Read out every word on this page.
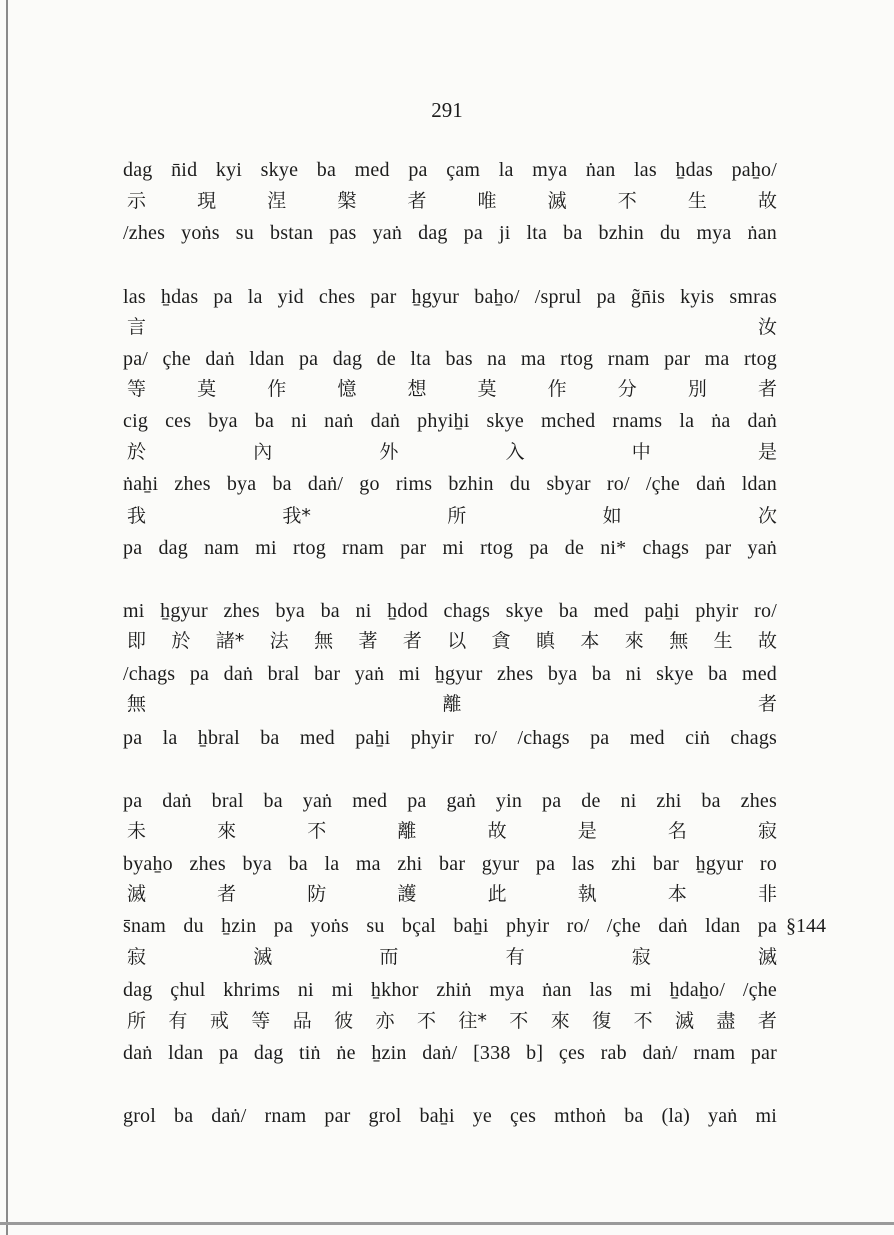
291
dag n̄id kyi skye ba med pa çam la mya ṅan las ẖdas paẖo/
示	現	涅	槃	者	唯	滅	不	生	故
/zhes yoṅs su bstan pas yaṅ dag pa ji lta ba bzhin du mya ṅan
las ẖdas pa la yid ches par ẖgyur baẖo/ /sprul pa g̃n̄is kyis smras
言	汝
pa/ çhe daṅ ldan pa dag de lta bas na ma rtog rnam par ma rtog
等	莫	作	憶	想	莫	作	分	別	者
cig ces bya ba ni naṅ daṅ phyiẖi skye mched rnams la ṅa daṅ
於	內	外	入	中	是
ṅaẖi zhes bya ba daṅ/ go rims bzhin du sbyar ro/ /çhe daṅ ldan
我	我*	所	如	次
pa dag nam mi rtog rnam par mi rtog pa de ni* chags par yaṅ
mi ẖgyur zhes bya ba ni ẖdod chags skye ba med paẖi phyir ro/
即 於 諸* 法 無 著 者 以 貪 瞋 本 來 無 生 故
/chags pa daṅ bral bar yaṅ mi ẖgyur zhes bya ba ni skye ba med
無	離	者
pa la ẖbral ba med paẖi phyir ro/ /chags pa med ciṅ chags
pa daṅ bral ba yaṅ med pa gaṅ yin pa de ni zhi ba zhes
未	來	不	離	故	是	名	寂
byaẖo zhes bya ba la ma zhi bar gyur pa las zhi bar ẖgyur ro
滅	者	防	護	此	執	本	非
s̄nam du ẖzin pa yoṅs su bçal baẖi phyir ro/ /çhe daṅ ldan pa §144
寂	滅	而	有	寂	滅
dag çhul khrims ni mi ẖkhor zhiṅ mya ṅan las mi ẖdaẖo/ /çhe
所 有 戒 等 品 彼 亦 不 往* 不 來 復 不 滅 盡 者
daṅ ldan pa dag tiṅ ṅe ẖzin daṅ/ [338 b] çes rab daṅ/ rnam par
grol ba daṅ/ rnam par grol baẖi ye çes mthoṅ ba (la) yaṅ mi
